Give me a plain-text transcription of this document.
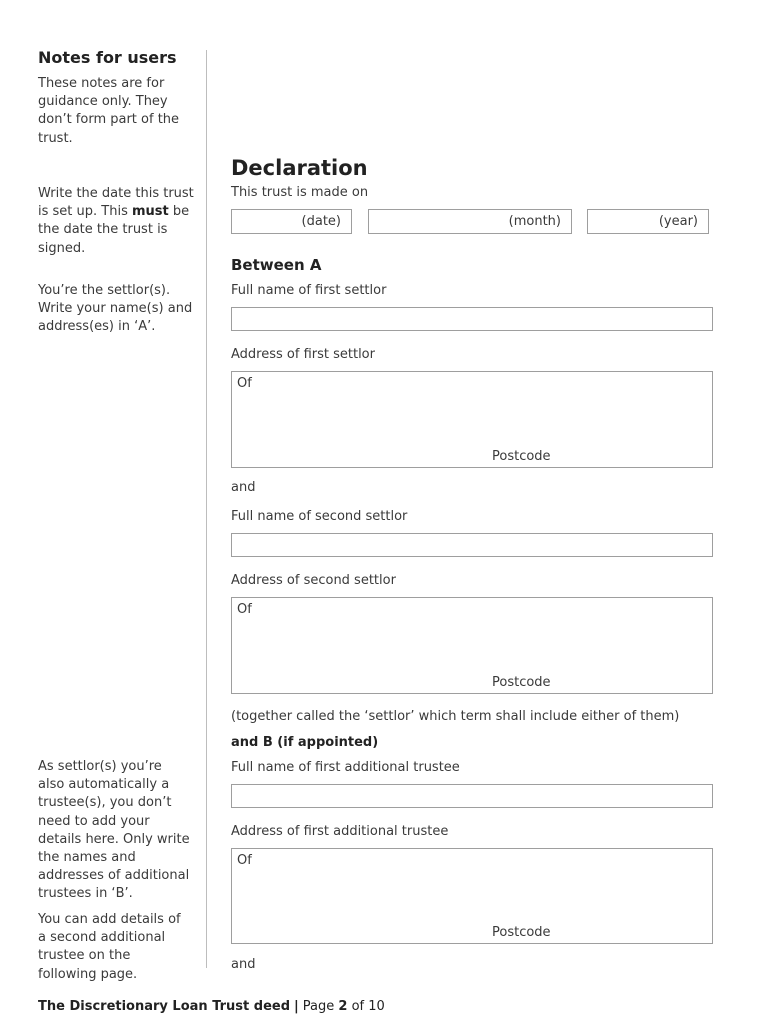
Notes for users
These notes are for guidance only. They don’t form part of the trust.
Write the date this trust is set up. This must be the date the trust is signed.
You’re the settlor(s). Write your name(s) and address(es) in ‘A’.
As settlor(s) you’re also automatically a trustee(s), you don’t need to add your details here. Only write the names and addresses of additional trustees in ‘B’.
You can add details of a second additional trustee on the following page.
Declaration
This trust is made on
(date)	(month)	(year)
Between A
Full name of first settlor
Address of first settlor
Of
Postcode
and
Full name of second settlor
Address of second settlor
Of
Postcode
(together called the ‘settlor’ which term shall include either of them)
and B (if appointed)
Full name of first additional trustee
Address of first additional trustee
Of
Postcode
and
The Discretionary Loan Trust deed | Page 2 of 10
